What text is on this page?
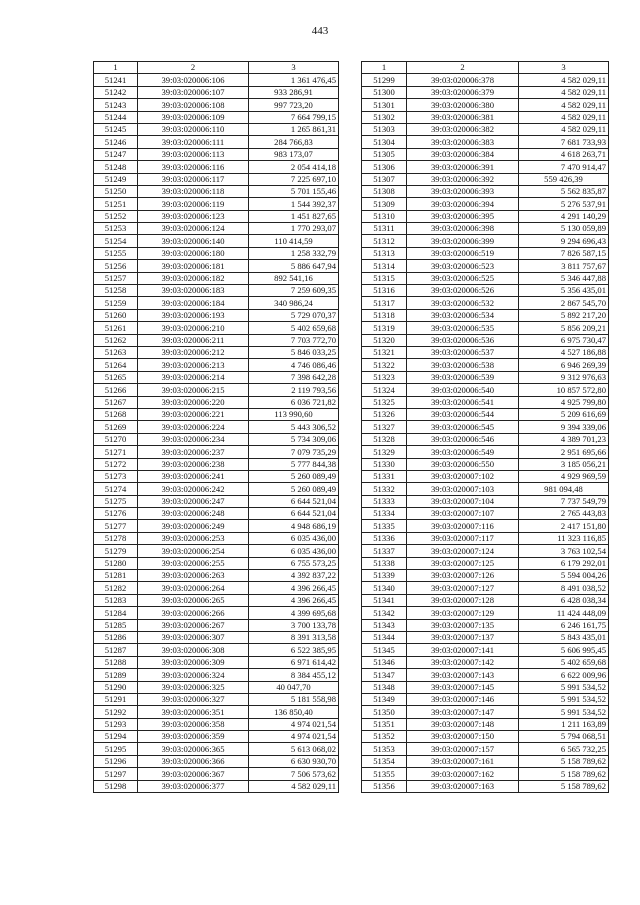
443
1	2	3
51241	39:03:020006:106	1 361 476,45
51242	39:03:020006:107	933 286,91
51243	39:03:020006:108	997 723,20
51244	39:03:020006:109	7 664 799,15
51245	39:03:020006:110	1 265 861,31
51246	39:03:020006:111	284 766,83
51247	39:03:020006:113	983 173,07
51248	39:03:020006:116	2 054 414,18
51249	39:03:020006:117	7 225 697,10
51250	39:03:020006:118	5 701 155,46
51251	39:03:020006:119	1 544 392,37
51252	39:03:020006:123	1 451 827,65
51253	39:03:020006:124	1 770 293,07
51254	39:03:020006:140	110 414,59
51255	39:03:020006:180	1 258 332,79
51256	39:03:020006:181	5 886 647,94
51257	39:03:020006:182	892 541,16
51258	39:03:020006:183	7 259 609,35
51259	39:03:020006:184	340 986,24
51260	39:03:020006:193	5 729 070,37
51261	39:03:020006:210	5 402 659,68
51262	39:03:020006:211	7 703 772,70
51263	39:03:020006:212	5 846 033,25
51264	39:03:020006:213	4 746 086,46
51265	39:03:020006:214	7 398 642,28
51266	39:03:020006:215	2 119 793,56
51267	39:03:020006:220	6 036 721,82
51268	39:03:020006:221	113 990,60
51269	39:03:020006:224	5 443 306,52
51270	39:03:020006:234	5 734 309,06
51271	39:03:020006:237	7 079 735,29
51272	39:03:020006:238	5 777 844,38
51273	39:03:020006:241	5 260 089,49
51274	39:03:020006:242	5 260 089,49
51275	39:03:020006:247	6 644 521,04
51276	39:03:020006:248	6 644 521,04
51277	39:03:020006:249	4 948 686,19
51278	39:03:020006:253	6 035 436,00
51279	39:03:020006:254	6 035 436,00
51280	39:03:020006:255	6 755 573,25
51281	39:03:020006:263	4 392 837,22
51282	39:03:020006:264	4 396 266,45
51283	39:03:020006:265	4 396 266,45
51284	39:03:020006:266	4 399 695,68
51285	39:03:020006:267	3 700 133,78
51286	39:03:020006:307	8 391 313,58
51287	39:03:020006:308	6 522 385,95
51288	39:03:020006:309	6 971 614,42
51289	39:03:020006:324	8 384 455,12
51290	39:03:020006:325	40 047,70
51291	39:03:020006:327	5 181 558,98
51292	39:03:020006:351	136 850,40
51293	39:03:020006:358	4 974 021,54
51294	39:03:020006:359	4 974 021,54
51295	39:03:020006:365	5 613 068,02
51296	39:03:020006:366	6 630 930,70
51297	39:03:020006:367	7 506 573,62
51298	39:03:020006:377	4 582 029,11
1	2	3
51299	39:03:020006:378	4 582 029,11
51300	39:03:020006:379	4 582 029,11
51301	39:03:020006:380	4 582 029,11
51302	39:03:020006:381	4 582 029,11
51303	39:03:020006:382	4 582 029,11
51304	39:03:020006:383	7 681 733,93
51305	39:03:020006:384	4 618 263,71
51306	39:03:020006:391	7 470 914,47
51307	39:03:020006:392	559 426,39
51308	39:03:020006:393	5 562 835,87
51309	39:03:020006:394	5 276 537,91
51310	39:03:020006:395	4 291 140,29
51311	39:03:020006:398	5 130 059,89
51312	39:03:020006:399	9 294 696,43
51313	39:03:020006:519	7 826 587,15
51314	39:03:020006:523	3 811 757,67
51315	39:03:020006:525	5 346 447,88
51316	39:03:020006:526	5 356 435,01
51317	39:03:020006:532	2 867 545,70
51318	39:03:020006:534	5 892 217,20
51319	39:03:020006:535	5 856 209,21
51320	39:03:020006:536	6 975 730,47
51321	39:03:020006:537	4 527 186,88
51322	39:03:020006:538	6 946 269,39
51323	39:03:020006:539	9 312 976,63
51324	39:03:020006:540	10 857 572,80
51325	39:03:020006:541	4 925 799,80
51326	39:03:020006:544	5 209 616,69
51327	39:03:020006:545	9 394 339,06
51328	39:03:020006:546	4 389 701,23
51329	39:03:020006:549	2 951 695,66
51330	39:03:020006:550	3 185 056,21
51331	39:03:020007:102	4 929 969,59
51332	39:03:020007:103	981 094,48
51333	39:03:020007:104	7 737 549,79
51334	39:03:020007:107	2 765 443,83
51335	39:03:020007:116	2 417 151,80
51336	39:03:020007:117	11 323 116,85
51337	39:03:020007:124	3 763 102,54
51338	39:03:020007:125	6 179 292,01
51339	39:03:020007:126	5 594 004,26
51340	39:03:020007:127	8 491 038,52
51341	39:03:020007:128	6 428 038,34
51342	39:03:020007:129	11 424 448,09
51343	39:03:020007:135	6 246 161,75
51344	39:03:020007:137	5 843 435,01
51345	39:03:020007:141	5 606 995,45
51346	39:03:020007:142	5 402 659,68
51347	39:03:020007:143	6 622 009,96
51348	39:03:020007:145	5 991 534,52
51349	39:03:020007:146	5 991 534,52
51350	39:03:020007:147	5 991 534,52
51351	39:03:020007:148	1 211 163,89
51352	39:03:020007:150	5 794 068,51
51353	39:03:020007:157	6 565 732,25
51354	39:03:020007:161	5 158 789,62
51355	39:03:020007:162	5 158 789,62
51356	39:03:020007:163	5 158 789,62
